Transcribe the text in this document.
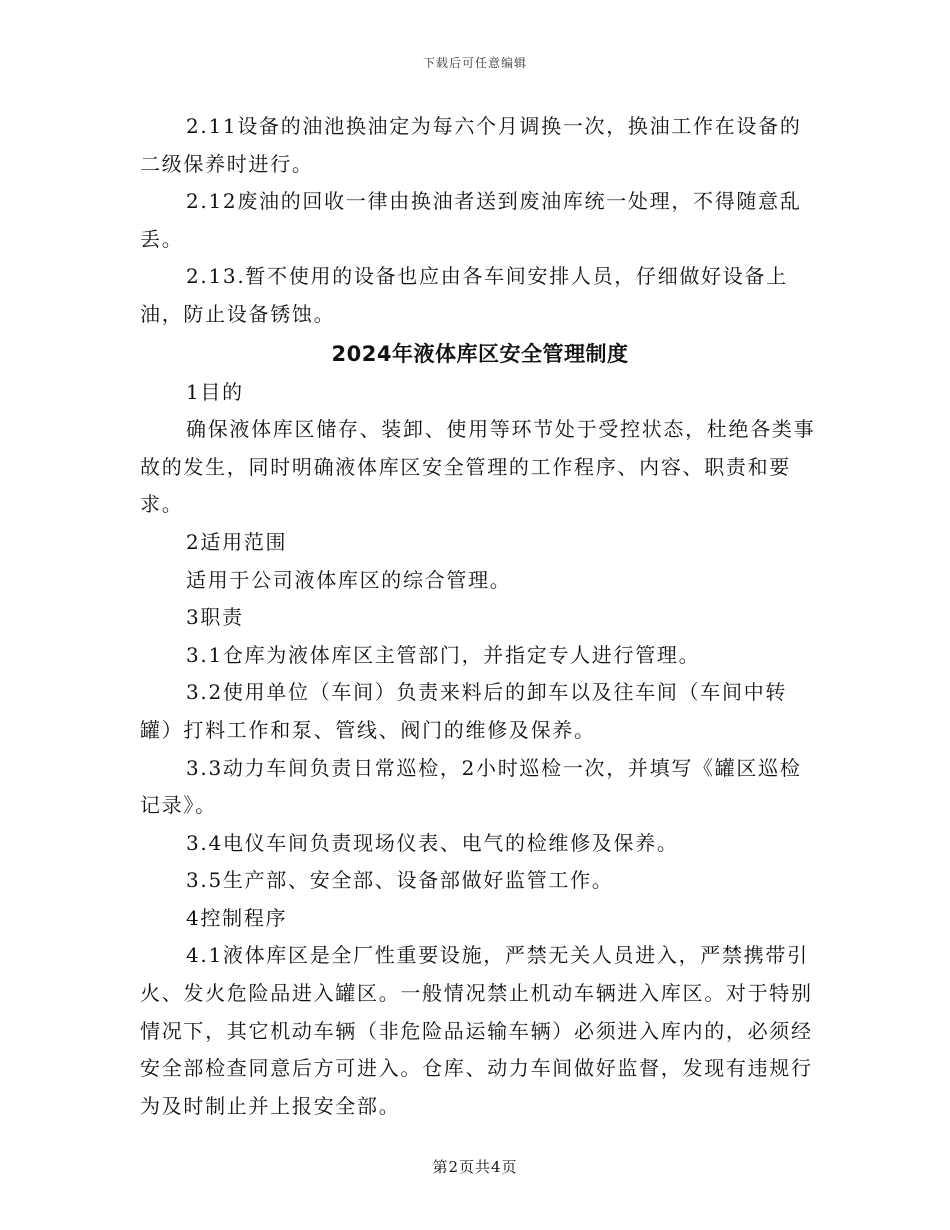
下载后可任意编辑

2.11设备的油池换油定为每六个月调换一次，换油工作在设备的二级保养时进行。

2.12废油的回收一律由换油者送到废油库统一处理，不得随意乱丢。

2.13.暂不使用的设备也应由各车间安排人员，仔细做好设备上油，防止设备锈蚀。

2024年液体库区安全管理制度

1目的

确保液体库区储存、装卸、使用等环节处于受控状态，杜绝各类事故的发生，同时明确液体库区安全管理的工作程序、内容、职责和要求。

2适用范围

适用于公司液体库区的综合管理。

3职责

3.1仓库为液体库区主管部门，并指定专人进行管理。

3.2使用单位（车间）负责来料后的卸车以及往车间（车间中转罐）打料工作和泵、管线、阀门的维修及保养。

3.3动力车间负责日常巡检，2小时巡检一次，并填写《罐区巡检记录》。

3.4电仪车间负责现场仪表、电气的检维修及保养。

3.5生产部、安全部、设备部做好监管工作。

4控制程序

4.1液体库区是全厂性重要设施，严禁无关人员进入，严禁携带引火、发火危险品进入罐区。一般情况禁止机动车辆进入库区。对于特别情况下，其它机动车辆（非危险品运输车辆）必须进入库内的，必须经安全部检查同意后方可进入。仓库、动力车间做好监督，发现有违规行为及时制止并上报安全部。

第2页共4页
